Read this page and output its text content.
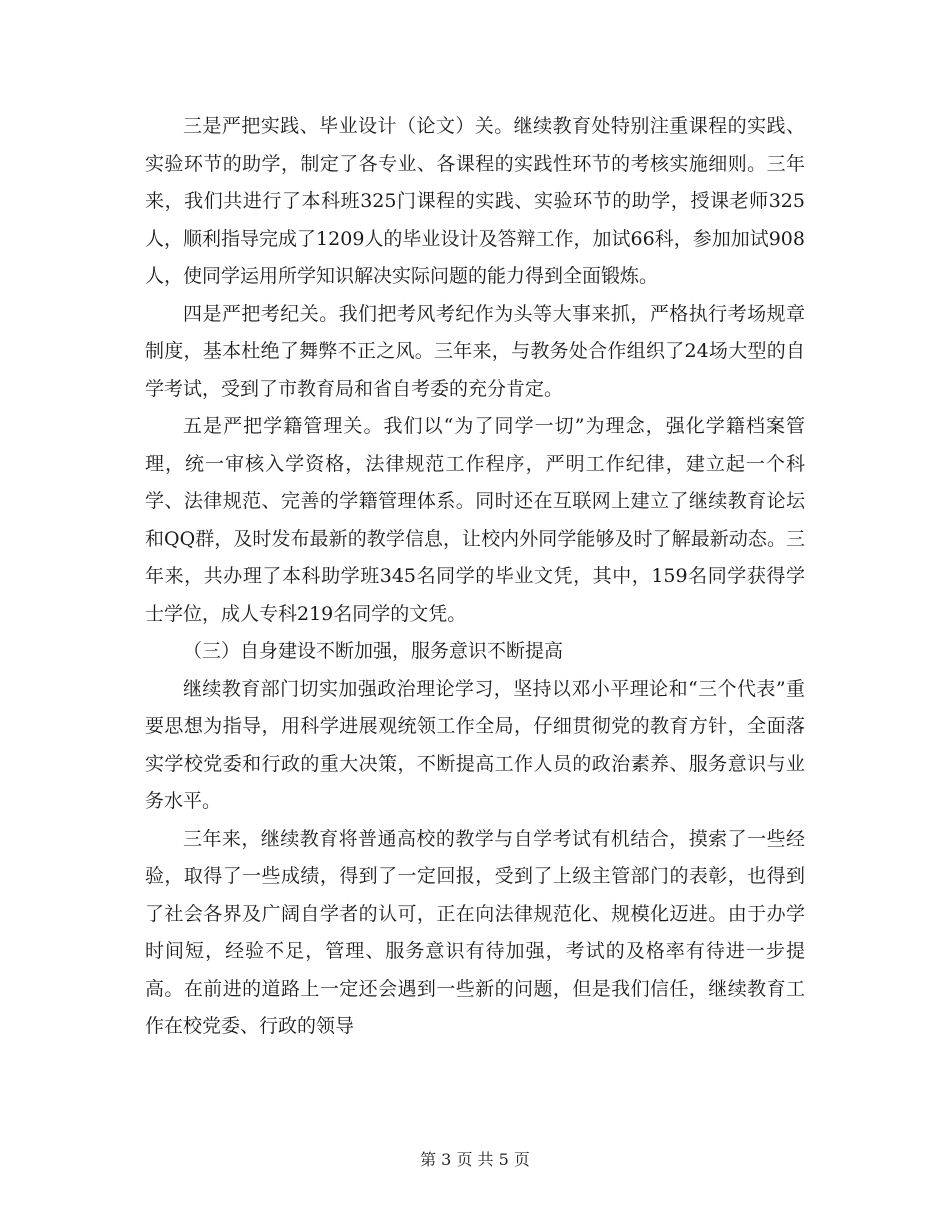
三是严把实践、毕业设计（论文）关。继续教育处特别注重课程的实践、实验环节的助学，制定了各专业、各课程的实践性环节的考核实施细则。三年来，我们共进行了本科班325门课程的实践、实验环节的助学，授课老师325人，顺利指导完成了1209人的毕业设计及答辩工作，加试66科，参加加试908人，使同学运用所学知识解决实际问题的能力得到全面锻炼。

四是严把考纪关。我们把考风考纪作为头等大事来抓，严格执行考场规章制度，基本杜绝了舞弊不正之风。三年来，与教务处合作组织了24场大型的自学考试，受到了市教育局和省自考委的充分肯定。

五是严把学籍管理关。我们以“为了同学一切”为理念，强化学籍档案管理，统一审核入学资格，法律规范工作程序，严明工作纪律，建立起一个科学、法律规范、完善的学籍管理体系。同时还在互联网上建立了继续教育论坛和QQ群，及时发布最新的教学信息，让校内外同学能够及时了解最新动态。三年来，共办理了本科助学班345名同学的毕业文凭，其中，159名同学获得学士学位，成人专科219名同学的文凭。

（三）自身建设不断加强，服务意识不断提高

继续教育部门切实加强政治理论学习，坚持以邓小平理论和“三个代表”重要思想为指导，用科学进展观统领工作全局，仔细贯彻党的教育方针，全面落实学校党委和行政的重大决策，不断提高工作人员的政治素养、服务意识与业务水平。

三年来，继续教育将普通高校的教学与自学考试有机结合，摸索了一些经验，取得了一些成绩，得到了一定回报，受到了上级主管部门的表彰，也得到了社会各界及广阔自学者的认可，正在向法律规范化、规模化迈进。由于办学时间短，经验不足，管理、服务意识有待加强，考试的及格率有待进一步提高。在前进的道路上一定还会遇到一些新的问题，但是我们信任，继续教育工作在校党委、行政的领导

第 3 页 共 5 页
